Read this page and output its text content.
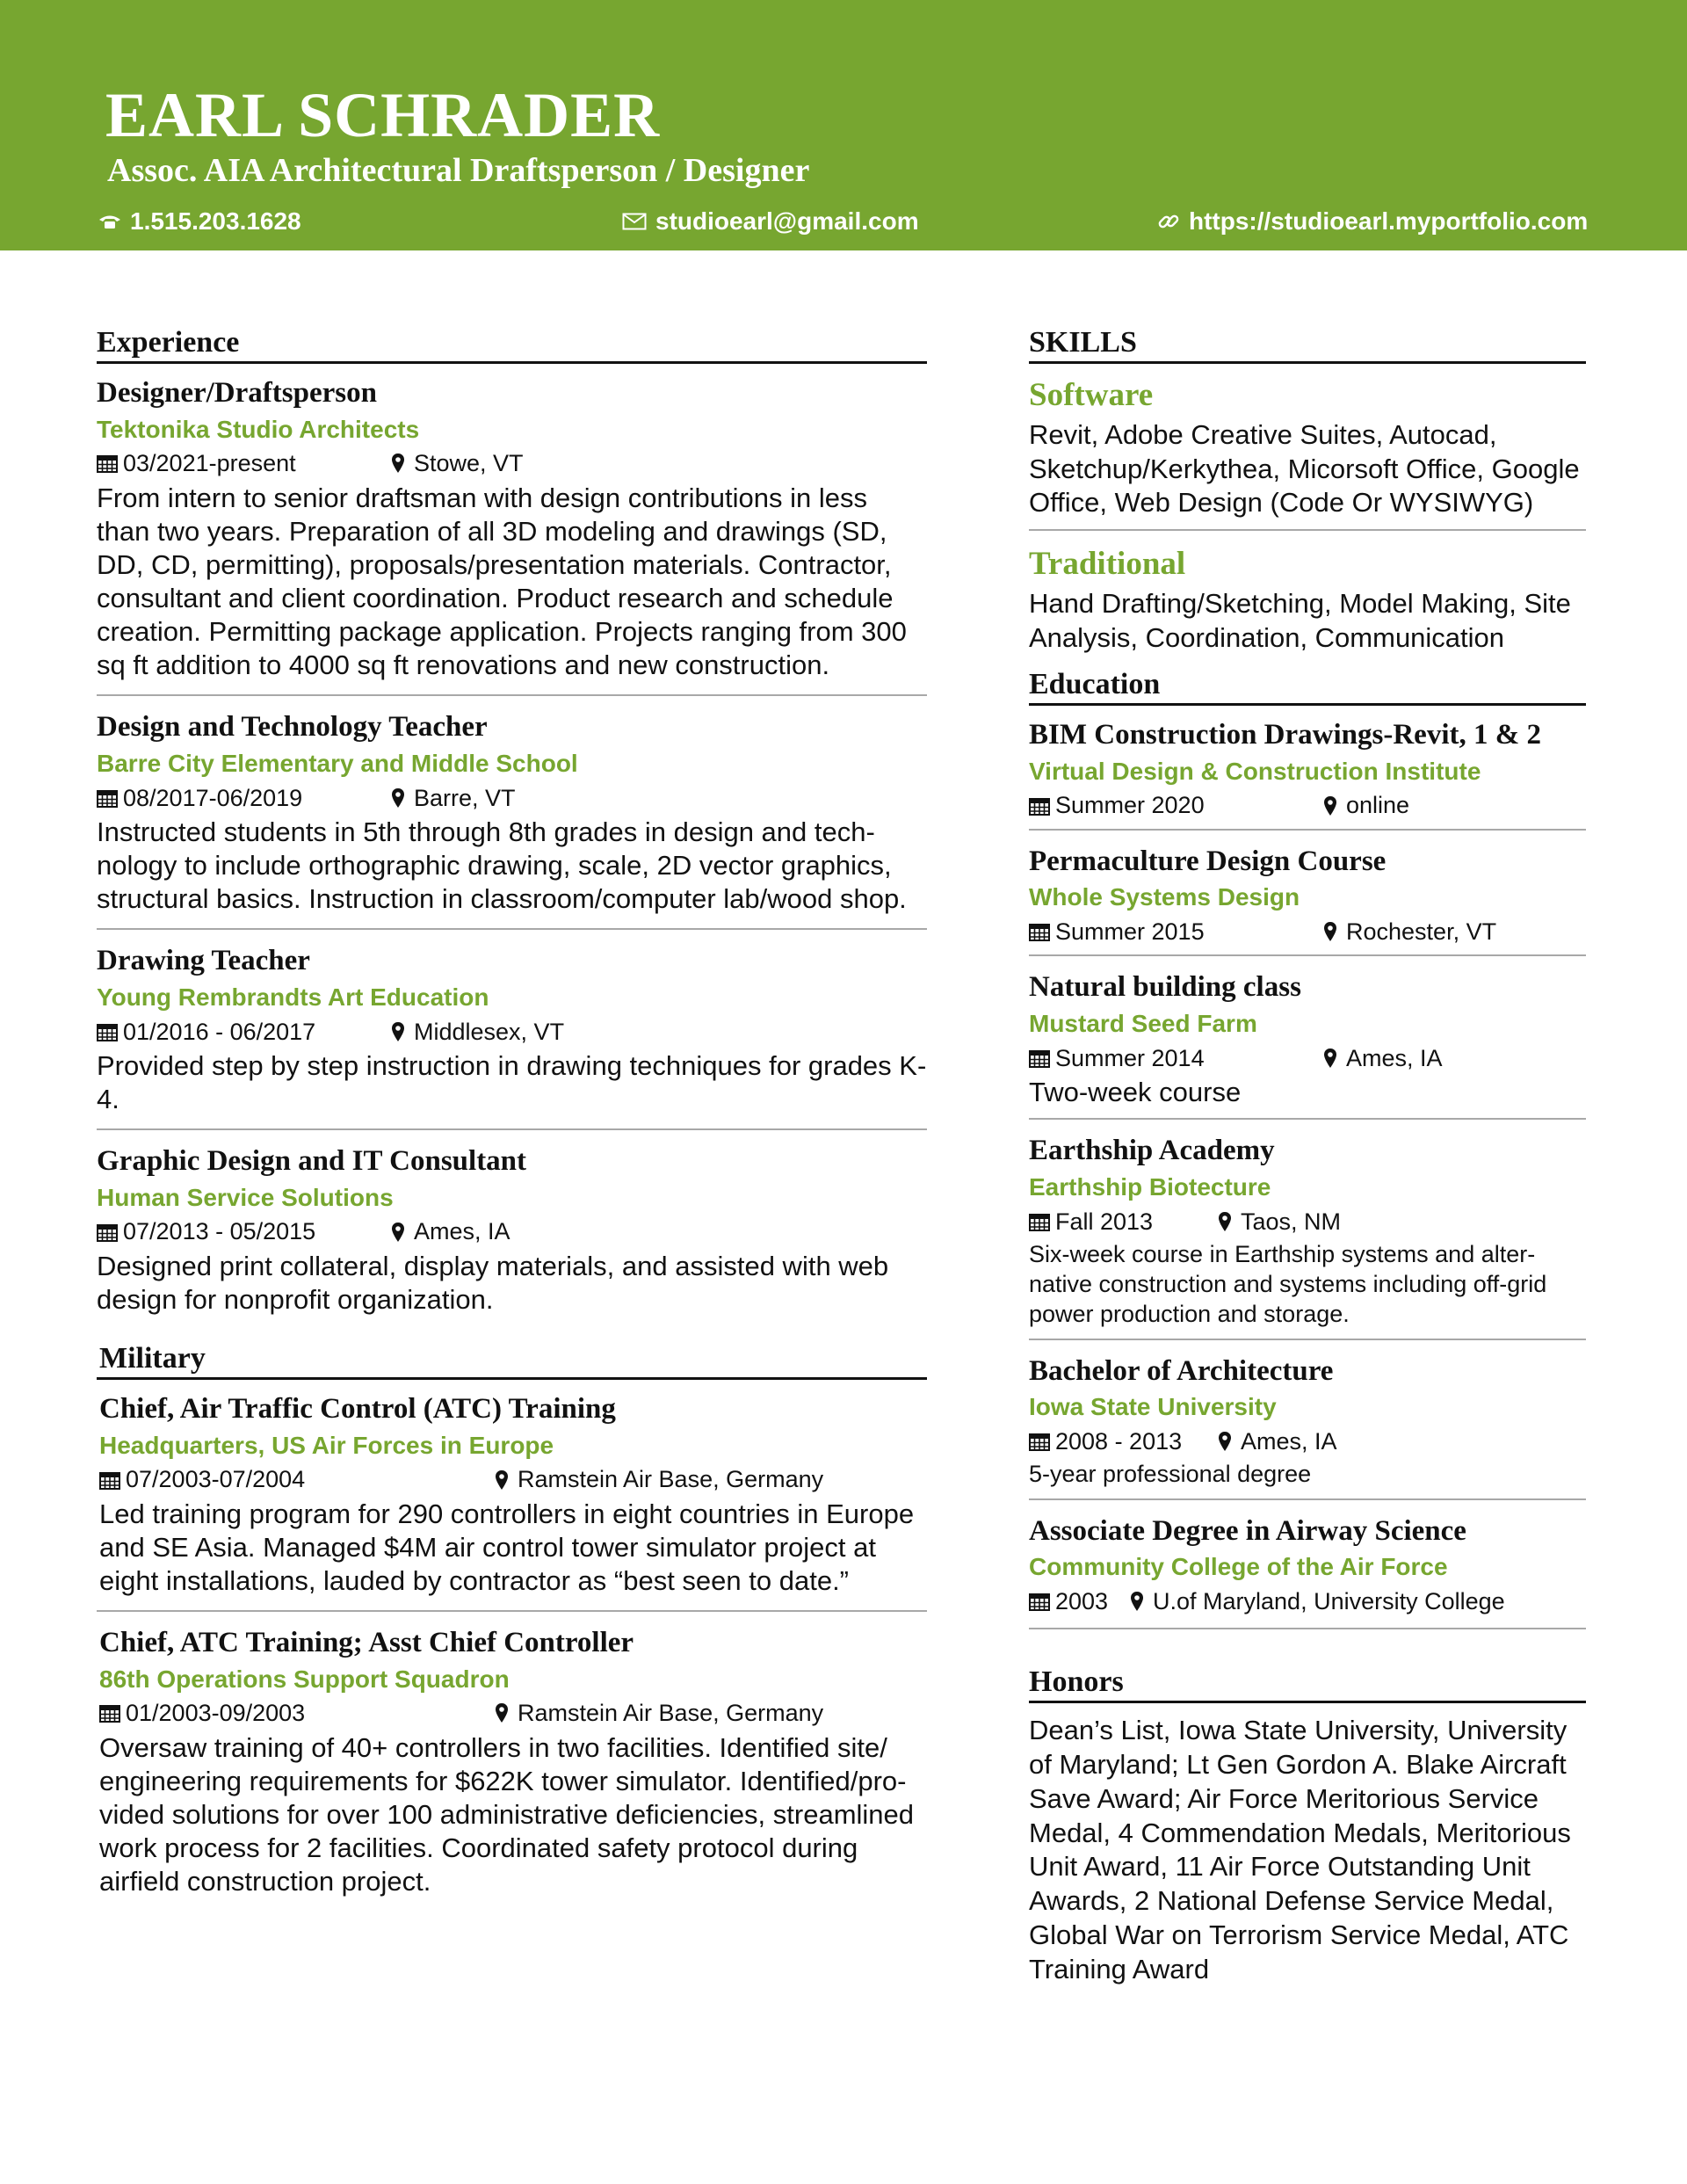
EARL SCHRADER
Assoc. AIA Architectural Draftsperson / Designer
1.515.203.1628	studioearl@gmail.com	https://studioearl.myportfolio.com
Experience
Designer/Draftsperson
Tektonika Studio Architects
03/2021-present	Stowe, VT
From intern to senior draftsman with design contributions in less than two years. Preparation of all 3D modeling and drawings (SD, DD, CD, permitting), proposals/presentation materials. Contractor, consultant and client coordination. Product research and schedule creation. Permitting package application. Projects ranging from 300 sq ft addition to 4000 sq ft renovations and new construction.
Design and Technology Teacher
Barre City Elementary and Middle School
08/2017-06/2019	Barre, VT
Instructed students in 5th through 8th grades in design and tech-nology to include orthographic drawing, scale, 2D vector graphics, structural basics. Instruction in classroom/computer lab/wood shop.
Drawing Teacher
Young Rembrandts Art Education
01/2016 - 06/2017	Middlesex, VT
Provided step by step instruction in drawing techniques for grades K-4.
Graphic Design and IT Consultant
Human Service Solutions
07/2013 - 05/2015	Ames, IA
Designed print collateral, display materials, and assisted with web design for nonprofit organization.
Military
Chief, Air Traffic Control (ATC) Training
Headquarters, US Air Forces in Europe
07/2003-07/2004	Ramstein Air Base, Germany
Led training program for 290 controllers in eight countries in Europe and SE Asia. Managed $4M air control tower simulator project at eight installations, lauded by contractor as “best seen to date.”
Chief, ATC Training; Asst Chief Controller
86th Operations Support Squadron
01/2003-09/2003	Ramstein Air Base, Germany
Oversaw training of 40+ controllers in two facilities. Identified site/ engineering requirements for $622K tower simulator. Identified/pro-vided solutions for over 100 administrative deficiencies, streamlined work process for 2 facilities. Coordinated safety protocol during airfield construction project.
SKILLS
Software
Revit, Adobe Creative Suites, Autocad, Sketchup/Kerkythea, Micorsoft Office, Google Office, Web Design (Code Or WYSIWYG)
Traditional
Hand Drafting/Sketching, Model Making, Site Analysis, Coordination, Communication
Education
BIM Construction Drawings-Revit, 1 & 2
Virtual Design & Construction Institute
Summer 2020	online
Permaculture Design Course
Whole Systems Design
Summer 2015	Rochester, VT
Natural building class
Mustard Seed Farm
Summer 2014	Ames, IA
Two-week course
Earthship Academy
Earthship Biotecture
Fall 2013	Taos, NM
Six-week course in Earthship systems and alter-native construction and systems including off-grid power production and storage.
Bachelor of Architecture
Iowa State University
2008 - 2013 Ames, IA
5-year professional degree
Associate Degree in Airway Science
Community College of the Air Force
2003 U.of Maryland, University College
Honors
Dean’s List, Iowa State University, University of Maryland; Lt Gen Gordon A. Blake Aircraft Save Award; Air Force Meritorious Service Medal, 4 Commendation Medals, Meritorious Unit Award, 11 Air Force Outstanding Unit Awards, 2 National Defense Service Medal, Global War on Terrorism Service Medal, ATC Training Award
